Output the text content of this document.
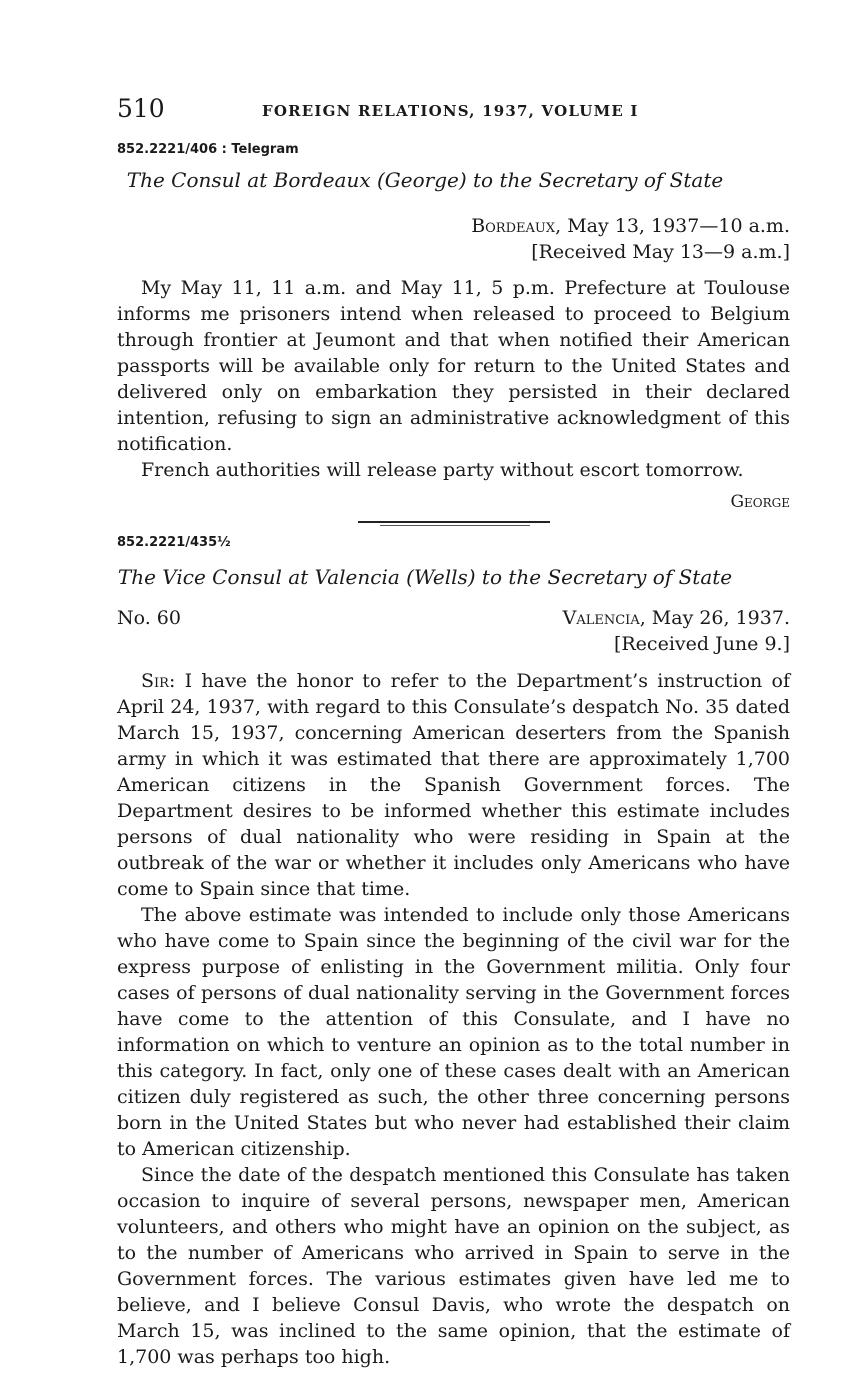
510	FOREIGN RELATIONS, 1937, VOLUME I
852.2221/406 : Telegram
The Consul at Bordeaux (George) to the Secretary of State
Bordeaux, May 13, 1937—10 a.m.
[Received May 13—9 a.m.]

My May 11, 11 a.m. and May 11, 5 p.m. Prefecture at Toulouse informs me prisoners intend when released to proceed to Belgium through frontier at Jeumont and that when notified their American passports will be available only for return to the United States and delivered only on embarkation they persisted in their declared intention, refusing to sign an administrative acknowledgment of this notification.

French authorities will release party without escort tomorrow.

George
852.2221/435½
The Vice Consul at Valencia (Wells) to the Secretary of State
No. 60	Valencia, May 26, 1937.
[Received June 9.]

Sir: I have the honor to refer to the Department’s instruction of April 24, 1937, with regard to this Consulate’s despatch No. 35 dated March 15, 1937, concerning American deserters from the Spanish army in which it was estimated that there are approximately 1,700 American citizens in the Spanish Government forces. The Department desires to be informed whether this estimate includes persons of dual nationality who were residing in Spain at the outbreak of the war or whether it includes only Americans who have come to Spain since that time.

The above estimate was intended to include only those Americans who have come to Spain since the beginning of the civil war for the express purpose of enlisting in the Government militia. Only four cases of persons of dual nationality serving in the Government forces have come to the attention of this Consulate, and I have no information on which to venture an opinion as to the total number in this category. In fact, only one of these cases dealt with an American citizen duly registered as such, the other three concerning persons born in the United States but who never had established their claim to American citizenship.

Since the date of the despatch mentioned this Consulate has taken occasion to inquire of several persons, newspaper men, American volunteers, and others who might have an opinion on the subject, as to the number of Americans who arrived in Spain to serve in the Government forces. The various estimates given have led me to believe, and I believe Consul Davis, who wrote the despatch on March 15, was inclined to the same opinion, that the estimate of 1,700 was perhaps too high.
